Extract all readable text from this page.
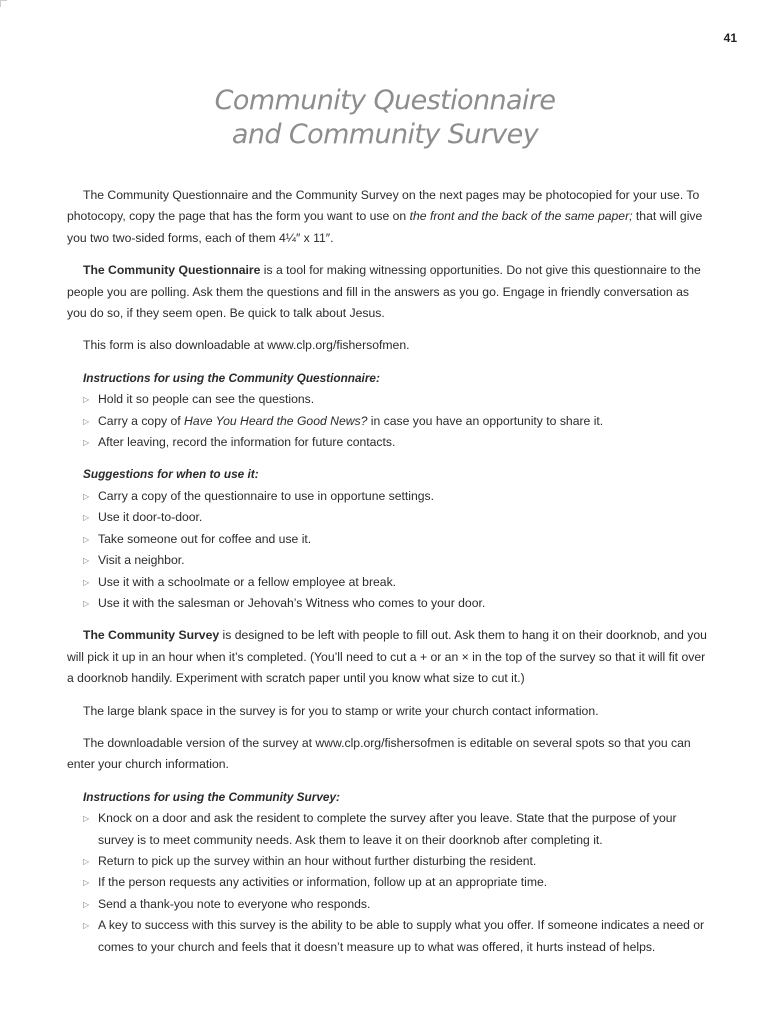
41
Community Questionnaire
and Community Survey

The Community Questionnaire and the Community Survey on the next pages may be photocopied for your use. To photocopy, copy the page that has the form you want to use on the front and the back of the same paper; that will give you two two-sided forms, each of them 4¼″ x 11″.

The Community Questionnaire is a tool for making witnessing opportunities. Do not give this questionnaire to the people you are polling. Ask them the questions and fill in the answers as you go. Engage in friendly conversation as you do so, if they seem open. Be quick to talk about Jesus.

This form is also downloadable at www.clp.org/fishersofmen.

Instructions for using the Community Questionnaire:
▷ Hold it so people can see the questions.
▷ Carry a copy of Have You Heard the Good News? in case you have an opportunity to share it.
▷ After leaving, record the information for future contacts.
Suggestions for when to use it:
▷ Carry a copy of the questionnaire to use in opportune settings.
▷ Use it door-to-door.
▷ Take someone out for coffee and use it.
▷ Visit a neighbor.
▷ Use it with a schoolmate or a fellow employee at break.
▷ Use it with the salesman or Jehovah’s Witness who comes to your door.

The Community Survey is designed to be left with people to fill out. Ask them to hang it on their doorknob, and you will pick it up in an hour when it’s completed. (You’ll need to cut a + or an × in the top of the survey so that it will fit over a doorknob handily. Experiment with scratch paper until you know what size to cut it.)

The large blank space in the survey is for you to stamp or write your church contact information.

The downloadable version of the survey at www.clp.org/fishersofmen is editable on several spots so that you can enter your church information.

Instructions for using the Community Survey:
▷ Knock on a door and ask the resident to complete the survey after you leave. State that the purpose of your survey is to meet community needs. Ask them to leave it on their doorknob after completing it.
▷ Return to pick up the survey within an hour without further disturbing the resident.
▷ If the person requests any activities or information, follow up at an appropriate time.
▷ Send a thank-you note to everyone who responds.
▷ A key to success with this survey is the ability to be able to supply what you offer. If someone indicates a need or comes to your church and feels that it doesn’t measure up to what was offered, it hurts instead of helps.
